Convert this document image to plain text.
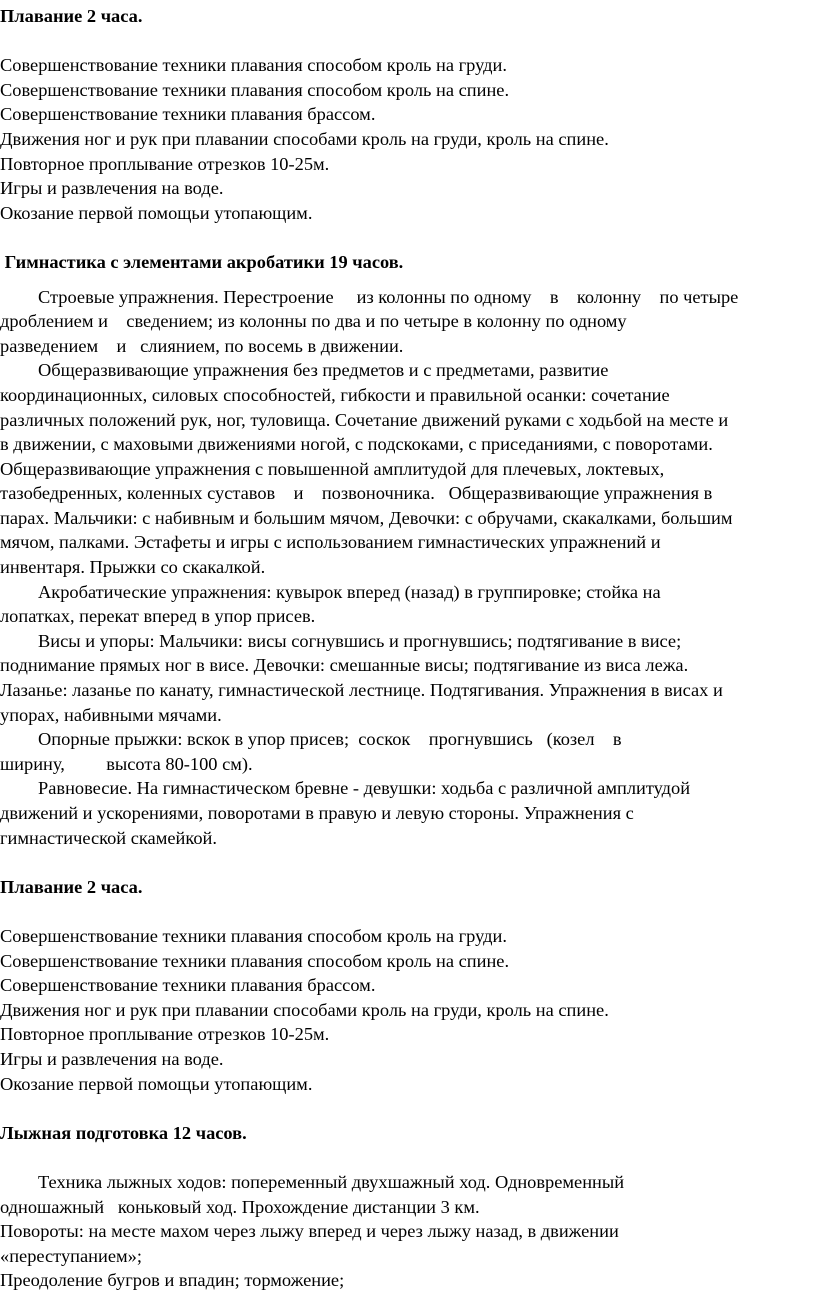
Плавание 2 часа.
Совершенствование техники плавания способом кроль на груди.
Совершенствование техники плавания способом кроль на спине.
Совершенствование техники плавания брассом.
Движения ног и рук при плавании способами кроль на груди, кроль на спине.
Повторное проплывание отрезков 10-25м.
Игры и развлечения на воде.
Окозание первой помощьи утопающим.
Гимнастика с элементами акробатики 19 часов.
Строевые упражнения. Перестроение     из колонны по одному    в    колонну    по четыре
дроблением и    сведением; из колонны по два и по четыре в колонну по одному
разведением    и   слиянием, по восемь в движении.
Общеразвивающие упражнения без предметов и с предметами, развитие
координационных, силовых способностей, гибкости и правильной осанки: сочетание
различных положений рук, ног, туловища. Сочетание движений руками с ходьбой на месте и
в движении, с маховыми движениями ногой, с подскоками, с приседаниями, с поворотами.
Общеразвивающие упражнения с повышенной амплитудой для плечевых, локтевых,
тазобедренных, коленных суставов    и    позвоночника.   Общеразвивающие упражнения в
парах. Мальчики: с набивным и большим мячом, Девочки: с обручами, скакалками, большим
мячом, палками. Эстафеты и игры с использованием гимнастических упражнений и
инвентаря. Прыжки со скакалкой.
Акробатические упражнения: кувырок вперед (назад) в группировке; стойка на
лопатках, перекат вперед в упор присев.
Висы и упоры: Мальчики: висы согнувшись и прогнувшись; подтягивание в висе;
поднимание прямых ног в висе. Девочки: смешанные висы; подтягивание из виса лежа.
Лазанье: лазанье по канату, гимнастической лестнице. Подтягивания. Упражнения в висах и
упорах, набивными мячами.
Опорные прыжки: вскок в упор присев;  соскок    прогнувшись   (козел    в
ширину,         высота 80-100 см).
Равновесие. На гимнастическом бревне - девушки: ходьба с различной амплитудой
движений и ускорениями, поворотами в правую и левую стороны. Упражнения с
гимнастической скамейкой.
Плавание 2 часа.
Совершенствование техники плавания способом кроль на груди.
Совершенствование техники плавания способом кроль на спине.
Совершенствование техники плавания брассом.
Движения ног и рук при плавании способами кроль на груди, кроль на спине.
Повторное проплывание отрезков 10-25м.
Игры и развлечения на воде.
Окозание первой помощьи утопающим.
Лыжная подготовка 12 часов.
Техника лыжных ходов: попеременный двухшажный ход. Одновременный
одношажный   коньковый ход. Прохождение дистанции 3 км.
Повороты: на месте махом через лыжу вперед и через лыжу назад, в движении
«переступанием»;
Преодоление бугров и впадин; торможение;
